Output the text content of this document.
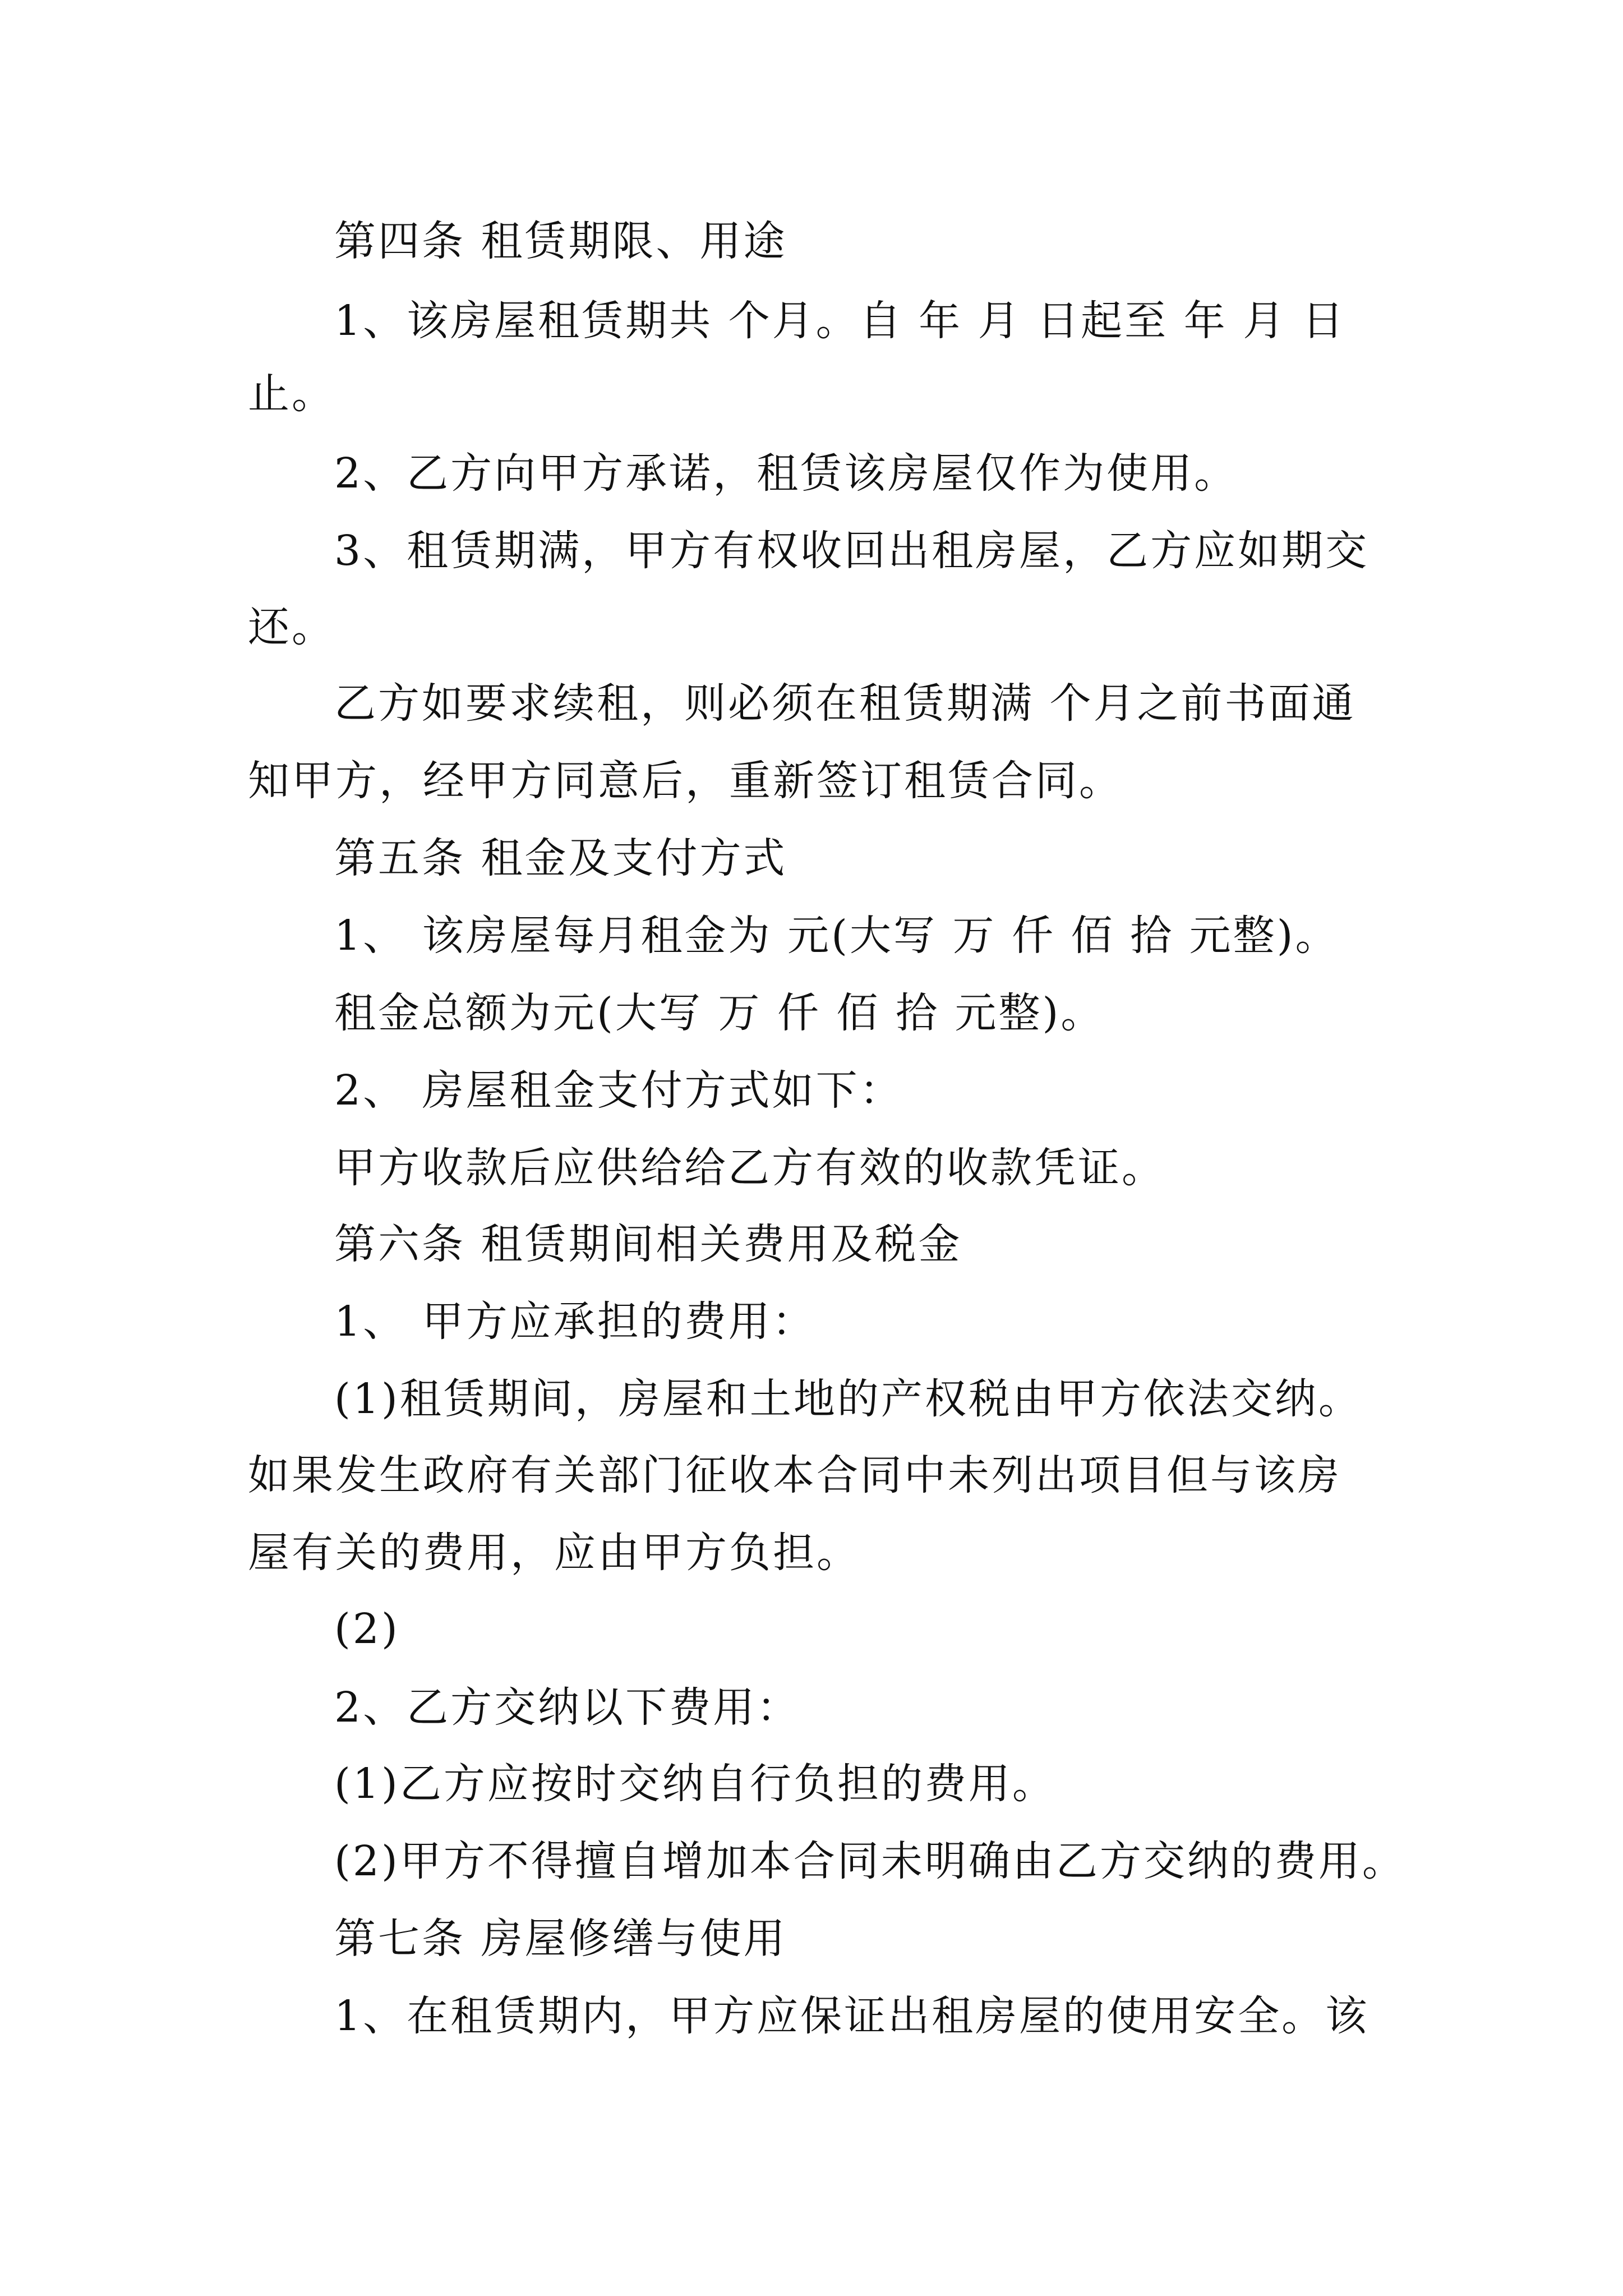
第四条 租赁期限、用途

1、该房屋租赁期共 个月。自 年 月 日起至 年 月 日

止。

2、乙方向甲方承诺，租赁该房屋仅作为使用。

3、租赁期满，甲方有权收回出租房屋，乙方应如期交

还。

乙方如要求续租，则必须在租赁期满 个月之前书面通

知甲方，经甲方同意后，重新签订租赁合同。

第五条 租金及支付方式

1、 该房屋每月租金为 元(大写 万 仟 佰 拾 元整)。

租金总额为元(大写 万 仟 佰 拾 元整)。

2、 房屋租金支付方式如下：

甲方收款后应供给给乙方有效的收款凭证。

第六条 租赁期间相关费用及税金

1、 甲方应承担的费用：

(1)租赁期间，房屋和土地的产权税由甲方依法交纳。

如果发生政府有关部门征收本合同中未列出项目但与该房

屋有关的费用，应由甲方负担。

(2)

2、乙方交纳以下费用：

(1)乙方应按时交纳自行负担的费用。

(2)甲方不得擅自增加本合同未明确由乙方交纳的费用。

第七条 房屋修缮与使用

1、在租赁期内，甲方应保证出租房屋的使用安全。该
